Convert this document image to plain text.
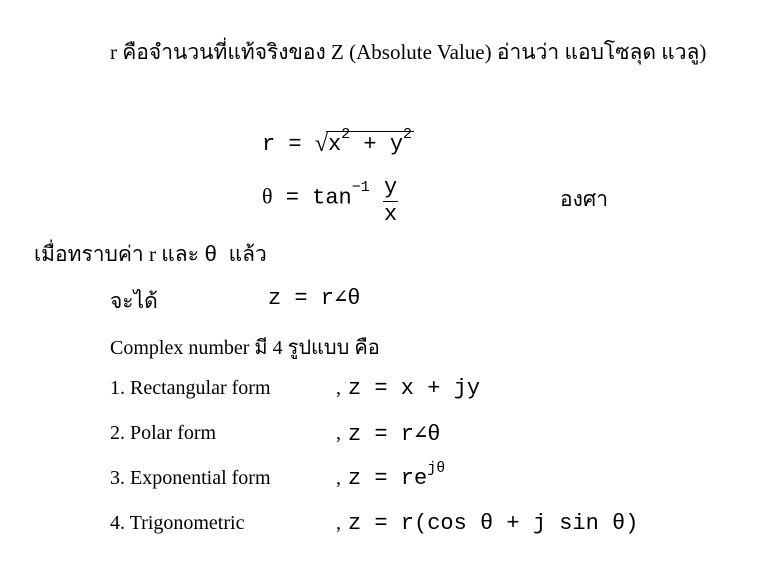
r คือจำนวนที่แท้จริงของ Z (Absolute Value) อ่านว่า แอบโซลุด แวลู)
$r = √x^2 + y^2$
$\theta = \tan^{-1} \frac{y}{x}$	องศา
เมื่อทราบค่า r และ θ แล้ว
จะได้	z = r∠θ
Complex number มี 4 รูปแบบ คือ
1. Rectangular form	, z = x + jy
2. Polar form	, z = r∠θ
3. Exponential form	, $z = re^{j\theta}$
4. Trigonometric	, z = r(cos θ + j sin θ)
